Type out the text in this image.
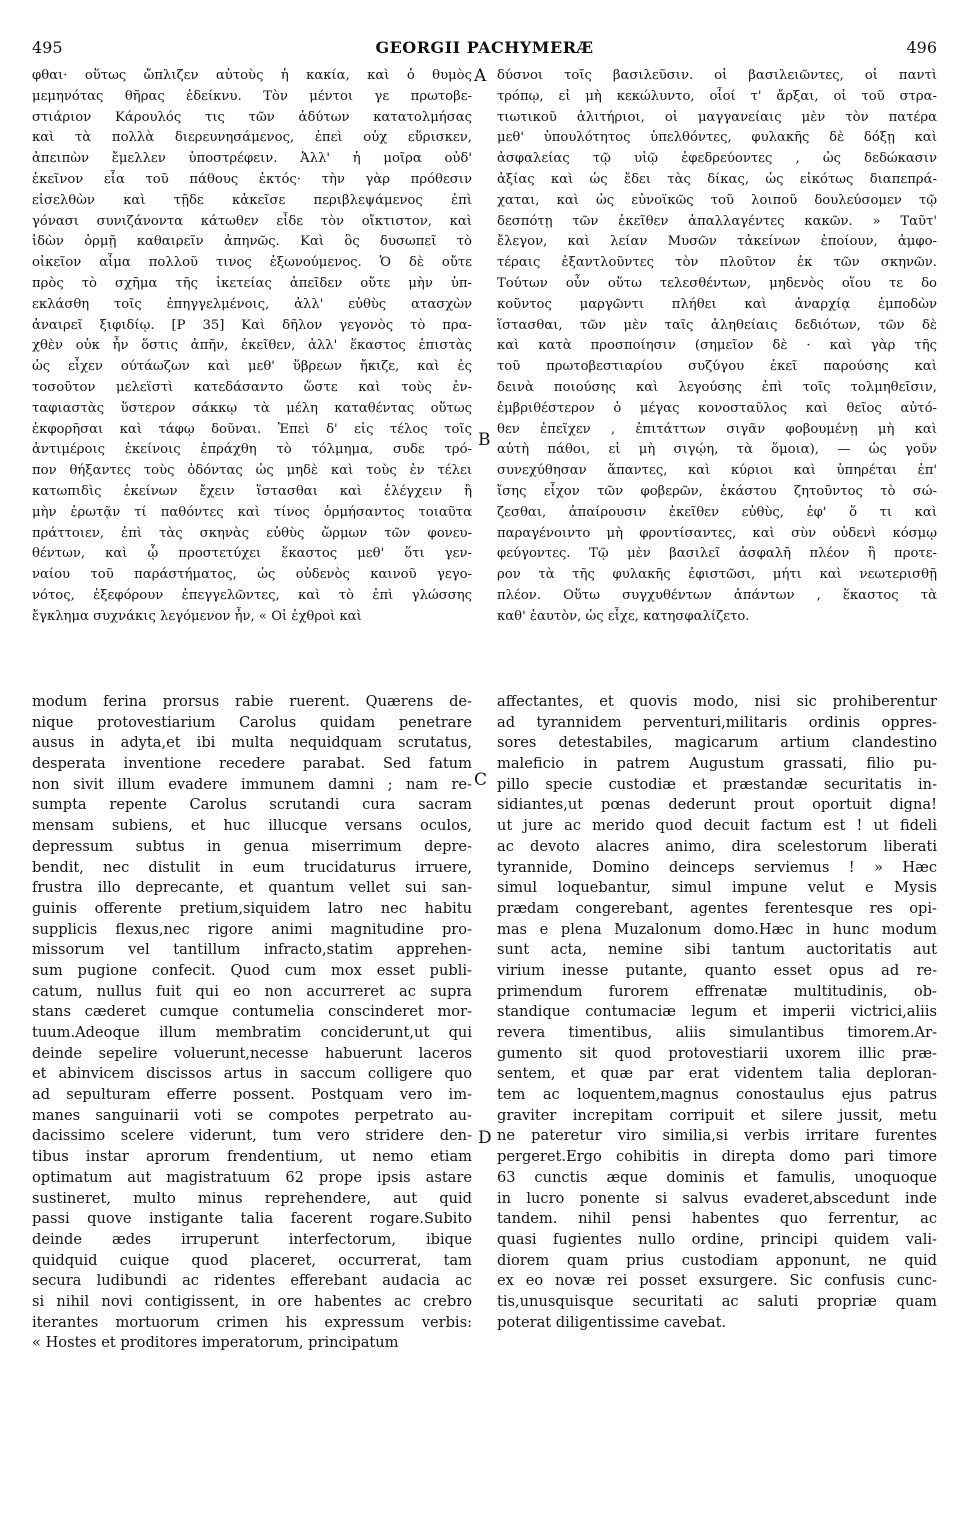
495	GEORGII PACHYMERÆ	496
A
B
C
D
φθαι· οὕτως ὤπλιζεν αὐτοὺς ἡ κακία, καὶ ὁ θυμὸς
μεμηνότας θῆρας ἐδείκνυ. Τὸν μέντοι γε πρωτοβε-
στιάριον Κάρουλός τις τῶν ἀδύτων κατατολμήσας
καὶ τὰ πολλὰ διερευνησάμενος, ἐπεὶ οὐχ εὕρισκεν,
ἀπειπὼν ἔμελλεν ὑποστρέφειν. Ἀλλ' ἡ μοῖρα οὐδ'
ἐκεῖνον εἶα τοῦ πάθους ἐκτός· τὴν γὰρ πρόθεσιν
εἰσελθὼν καὶ τῇδε κἀκεῖσε περιβλεψάμενος ἐπὶ
γόνασι συνιζάνοντα κάτωθεν εἶδε τὸν οἴκτιστον, καὶ
ἰδὼν ὁρμῇ καθαιρεῖν ἀπηνῶς. Καὶ ὃς δυσωπεῖ τὸ
οἰκεῖον αἷμα πολλοῦ τινος ἐξωνούμενος. Ὁ δὲ οὔτε
πρὸς τὸ σχῆμα τῆς ἱκετείας ἀπεῖδεν οὔτε μὴν ὑπ-
εκλάσθη τοῖς ἐπηγγελμένοις, ἀλλ' εὐθὺς ατασχὼν
ἀναιρεῖ ξιφιδίῳ. [P 35] Καὶ δῆλον γεγονὸς τὸ πρα-
χθὲν οὐκ ἦν ὅστις ἀπῆν, ἐκεῖθεν, ἀλλ' ἕκαστος ἐπιστὰς
ὡς εἶχεν ούτάωζων καὶ μεθ' ὕβρεων ἤκιζε, καὶ ἐς
τοσοῦτον μελεϊστὶ κατεδάσαντο ὥστε καὶ τοὺς ἐν-
ταφιαστὰς ὕστερον σάκκῳ τὰ μέλη καταθέντας οὕτως
ἐκφορῆσαι καὶ τάφῳ δοῦναι. Ἐπεὶ δ' εἰς τέλος τοῖς
ἀντιμέροις ἐκείνοις ἐπράχθη τὸ τόλμημα, συδε τρό-
πον θήξαντες τοὺς ὀδόντας ὡς μηδὲ καὶ τοὺς ἐν τέλει
κατωπιδὶς ἐκείνων ἔχειν ἵστασθαι καὶ ἐλέγχειν ἢ
μὴν ἐρωτᾷν τί παθόντες καὶ τίνος ὁρμήσαντος τοιαῦτα
πράττοιεν, ἐπὶ τὰς σκηνὰς εὐθὺς ὥρμων τῶν φονευ-
θέντων, καὶ ᾧ προστετύχει ἕκαστος μεθ' ὅτι γεν-
ναίου τοῦ παράστήματος, ὡς οὐδενὸς καινοῦ γεγο-
νότος, ἐξεφόρουν ἐπεγγελῶντες, καὶ τὸ ἐπὶ γλώσσης
ἔγκλημα συχνάκις λεγόμενον ἦν, « Οἱ ἐχθροὶ καὶ
δύσνοι τοῖς βασιλεῦσιν. οἱ βασιλειῶντες, οἱ παντὶ
τρόπῳ, εἰ μὴ κεκώλυντο, οἷοί τ' ἄρξαι, οἱ τοῦ στρα-
τιωτικοῦ ἀλιτήριοι, οἱ μαγγανείαις μὲν τὸν πατέρα
μεθ' ὑπουλότητος ὑπελθόντες, φυλακῆς δὲ δόξῃ καὶ
ἀσφαλείας τῷ υἱῷ ἐφεδρεύοντες , ὡς δεδώκασιν
ἀξίας καὶ ὡς ἔδει τὰς δίκας, ὡς εἰκότως διαπεπρά-
χαται, καὶ ὡς εὐνοϊκῶς τοῦ λοιποῦ δουλεύσομεν τῷ
δεσπότῃ τῶν ἐκεῖθεν ἀπαλλαγέντες κακῶν. » Ταῦτ'
ἔλεγον, καὶ λείαν Μυσῶν τἀκείνων ἐποίουν, ἀμφο-
τέραις ἐξαντλοῦντες τὸν πλοῦτον ἐκ τῶν σκηνῶν.
Τούτων οὖν οὕτω τελεσθέντων, μηδενὸς οἵου τε δο
κοῦντος μαργῶντι πλήθει καὶ ἀναρχίᾳ ἐμποδὼν
ἵστασθαι, τῶν μὲν ταῖς ἀληθείαις δεδιότων, τῶν δὲ
καὶ κατὰ προσποίησιν (σημεῖον δὲ · καὶ γὰρ τῆς
τοῦ πρωτοβεστιαρίου συζύγου ἐκεῖ παρούσης καὶ
δεινὰ ποιούσης καὶ λεγούσης ἐπὶ τοῖς τολμηθεῖσιν,
ἐμβριθέστερον ὁ μέγας κονοσταῦλος καὶ θεῖος αὐτό-
θεν ἐπεῖχεν , ἐπιτάττων σιγᾶν φοβουμένῃ μὴ καὶ
αὐτὴ πάθοι, εἰ μὴ σιγῴη, τὰ ὅμοια), — ὡς γοῦν
συνεχύθησαν ἅπαντες, καὶ κύριοι καὶ ὑπηρέται ἐπ'
ἴσης εἶχον τῶν φοβερῶν, ἑκάστου ζητοῦντος τὸ σώ-
ζεσθαι, ἀπαίρουσιν ἐκεῖθεν εὐθὺς, ἐφ' ὅ τι καὶ
παραγένοιντο μὴ φροντίσαντες, καὶ σὺν οὐδενὶ κόσμῳ
φεύγοντες. Τῷ μὲν βασιλεῖ ἀσφαλῆ πλέον ἢ προτε-
ρον τὰ τῆς φυλακῆς ἐφιστῶσι, μήτι καὶ νεωτερισθῇ
πλέον. Οὕτω συγχυθέντων ἁπάντων , ἕκαστος τὰ
καθ' ἑαυτὸν, ὡς εἶχε, κατησφαλίζετο.
modum ferina prorsus rabie ruerent. Quærens de-
nique protovestiarium Carolus quidam penetrare
ausus in adyta,et ibi multa nequidquam scrutatus,
desperata inventione recedere parabat. Sed fatum
non sivit illum evadere immunem damni ; nam re-
sumpta repente Carolus scrutandi cura sacram
mensam subiens, et huc illucque versans oculos,
depressum subtus in genua miserrimum depre-
bendit, nec distulit in eum trucidaturus irruere,
frustra illo deprecante, et quantum vellet sui san-
guinis offerente pretium,siquidem latro nec habitu
supplicis flexus,nec rigore animi magnitudine pro-
missorum vel tantillum infracto,statim apprehen-
sum pugione confecit. Quod cum mox esset publi-
catum, nullus fuit qui eo non accurreret ac supra
stans cæderet cumque contumelia conscinderet mor-
tuum.Adeoque illum membratim conciderunt,ut qui
deinde sepelire voluerunt,necesse habuerunt laceros
et abinvicem discissos artus in saccum colligere quo
ad sepulturam efferre possent. Postquam vero im-
manes sanguinarii voti se compotes perpetrato au-
dacissimo scelere viderunt, tum vero stridere den-
tibus instar aprorum frendentium, ut nemo etiam
optimatum aut magistratuum 62 prope ipsis astare
sustineret, multo minus reprehendere, aut quid
passi quove instigante talia facerent rogare.Subito
deinde ædes irruperunt interfectorum, ibique
quidquid cuique quod placeret, occurrerat, tam
secura ludibundi ac ridentes efferebant audacia ac
si nihil novi contigissent, in ore habentes ac crebro
iterantes mortuorum crimen his expressum verbis:
« Hostes et proditores imperatorum, principatum
affectantes, et quovis modo, nisi sic prohiberentur
ad tyrannidem perventuri,militaris ordinis oppres-
sores detestabiles, magicarum artium clandestino
maleficio in patrem Augustum grassati, filio pu-
pillo specie custodiæ et præstandæ securitatis in-
sidiantes,ut pœnas dederunt prout oportuit digna!
ut jure ac merido quod decuit factum est ! ut fideli
ac devoto alacres animo, dira scelestorum liberati
tyrannide, Domino deinceps serviemus ! » Hæc
simul loquebantur, simul impune velut e Mysis
prædam congerebant, agentes ferentesque res opi-
mas e plena Muzalonum domo.Hæc in hunc modum
sunt acta, nemine sibi tantum auctoritatis aut
virium inesse putante, quanto esset opus ad re-
primendum furorem effrenatæ multitudinis, ob-
standique contumaciæ legum et imperii victrici,aliis
revera timentibus, aliis simulantibus timorem.Ar-
gumento sit quod protovestiarii uxorem illic præ-
sentem, et quæ par erat videntem talia deploran-
tem ac loquentem,magnus conostaulus ejus patrus
graviter increpitam corripuit et silere jussit, metu
ne pateretur viro similia,si verbis irritare furentes
pergeret.Ergo cohibitis in direpta domo pari timore
63 cunctis æque dominis et famulis, unoquoque
in lucro ponente si salvus evaderet,abscedunt inde
tandem. nihil pensi habentes quo ferrentur, ac
quasi fugientes nullo ordine, principi quidem vali-
diorem quam prius custodiam apponunt, ne quid
ex eo novæ rei posset exsurgere. Sic confusis cunc-
tis,unusquisque securitati ac saluti propriæ quam
poterat diligentissime cavebat.
